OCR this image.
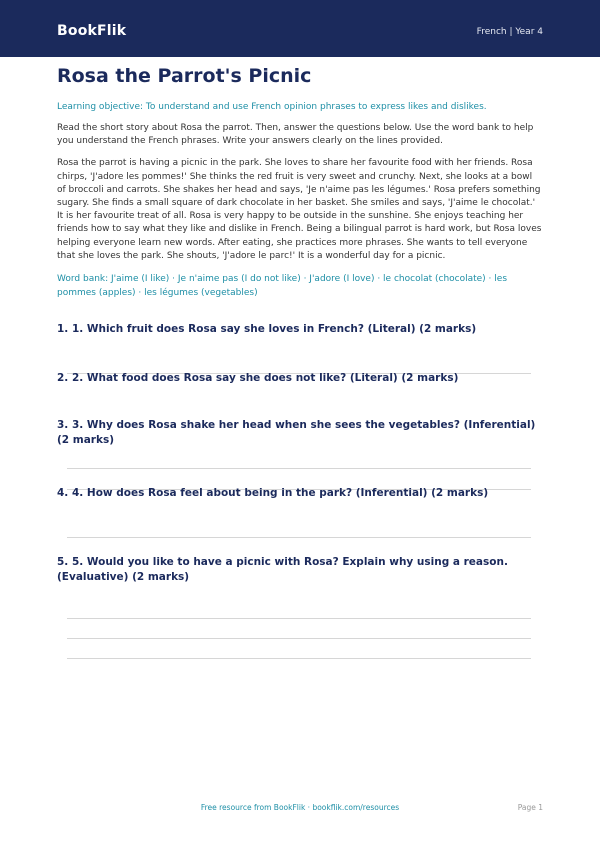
BookFlik	French | Year 4
Rosa the Parrot's Picnic

Learning objective: To understand and use French opinion phrases to express likes and dislikes.

Read the short story about Rosa the parrot. Then, answer the questions below. Use the word bank to help you understand the French phrases. Write your answers clearly on the lines provided.

Rosa the parrot is having a picnic in the park. She loves to share her favourite food with her friends. Rosa chirps, 'J'adore les pommes!' She thinks the red fruit is very sweet and crunchy. Next, she looks at a bowl of broccoli and carrots. She shakes her head and says, 'Je n'aime pas les légumes.' Rosa prefers something sugary. She finds a small square of dark chocolate in her basket. She smiles and says, 'J'aime le chocolat.' It is her favourite treat of all. Rosa is very happy to be outside in the sunshine. She enjoys teaching her friends how to say what they like and dislike in French. Being a bilingual parrot is hard work, but Rosa loves helping everyone learn new words. After eating, she practices more phrases. She wants to tell everyone that she loves the park. She shouts, 'J'adore le parc!' It is a wonderful day for a picnic.

Word bank: J'aime (I like) · Je n'aime pas (I do not like) · J'adore (I love) · le chocolat (chocolate) · les pommes (apples) · les légumes (vegetables)

1. 1. Which fruit does Rosa say she loves in French? (Literal) (2 marks)
2. 2. What food does Rosa say she does not like? (Literal) (2 marks)
3. 3. Why does Rosa shake her head when she sees the vegetables? (Inferential) (2 marks)
4. 4. How does Rosa feel about being in the park? (Inferential) (2 marks)
5. 5. Would you like to have a picnic with Rosa? Explain why using a reason. (Evaluative) (2 marks)
Free resource from BookFlik · bookflik.com/resources	Page 1
